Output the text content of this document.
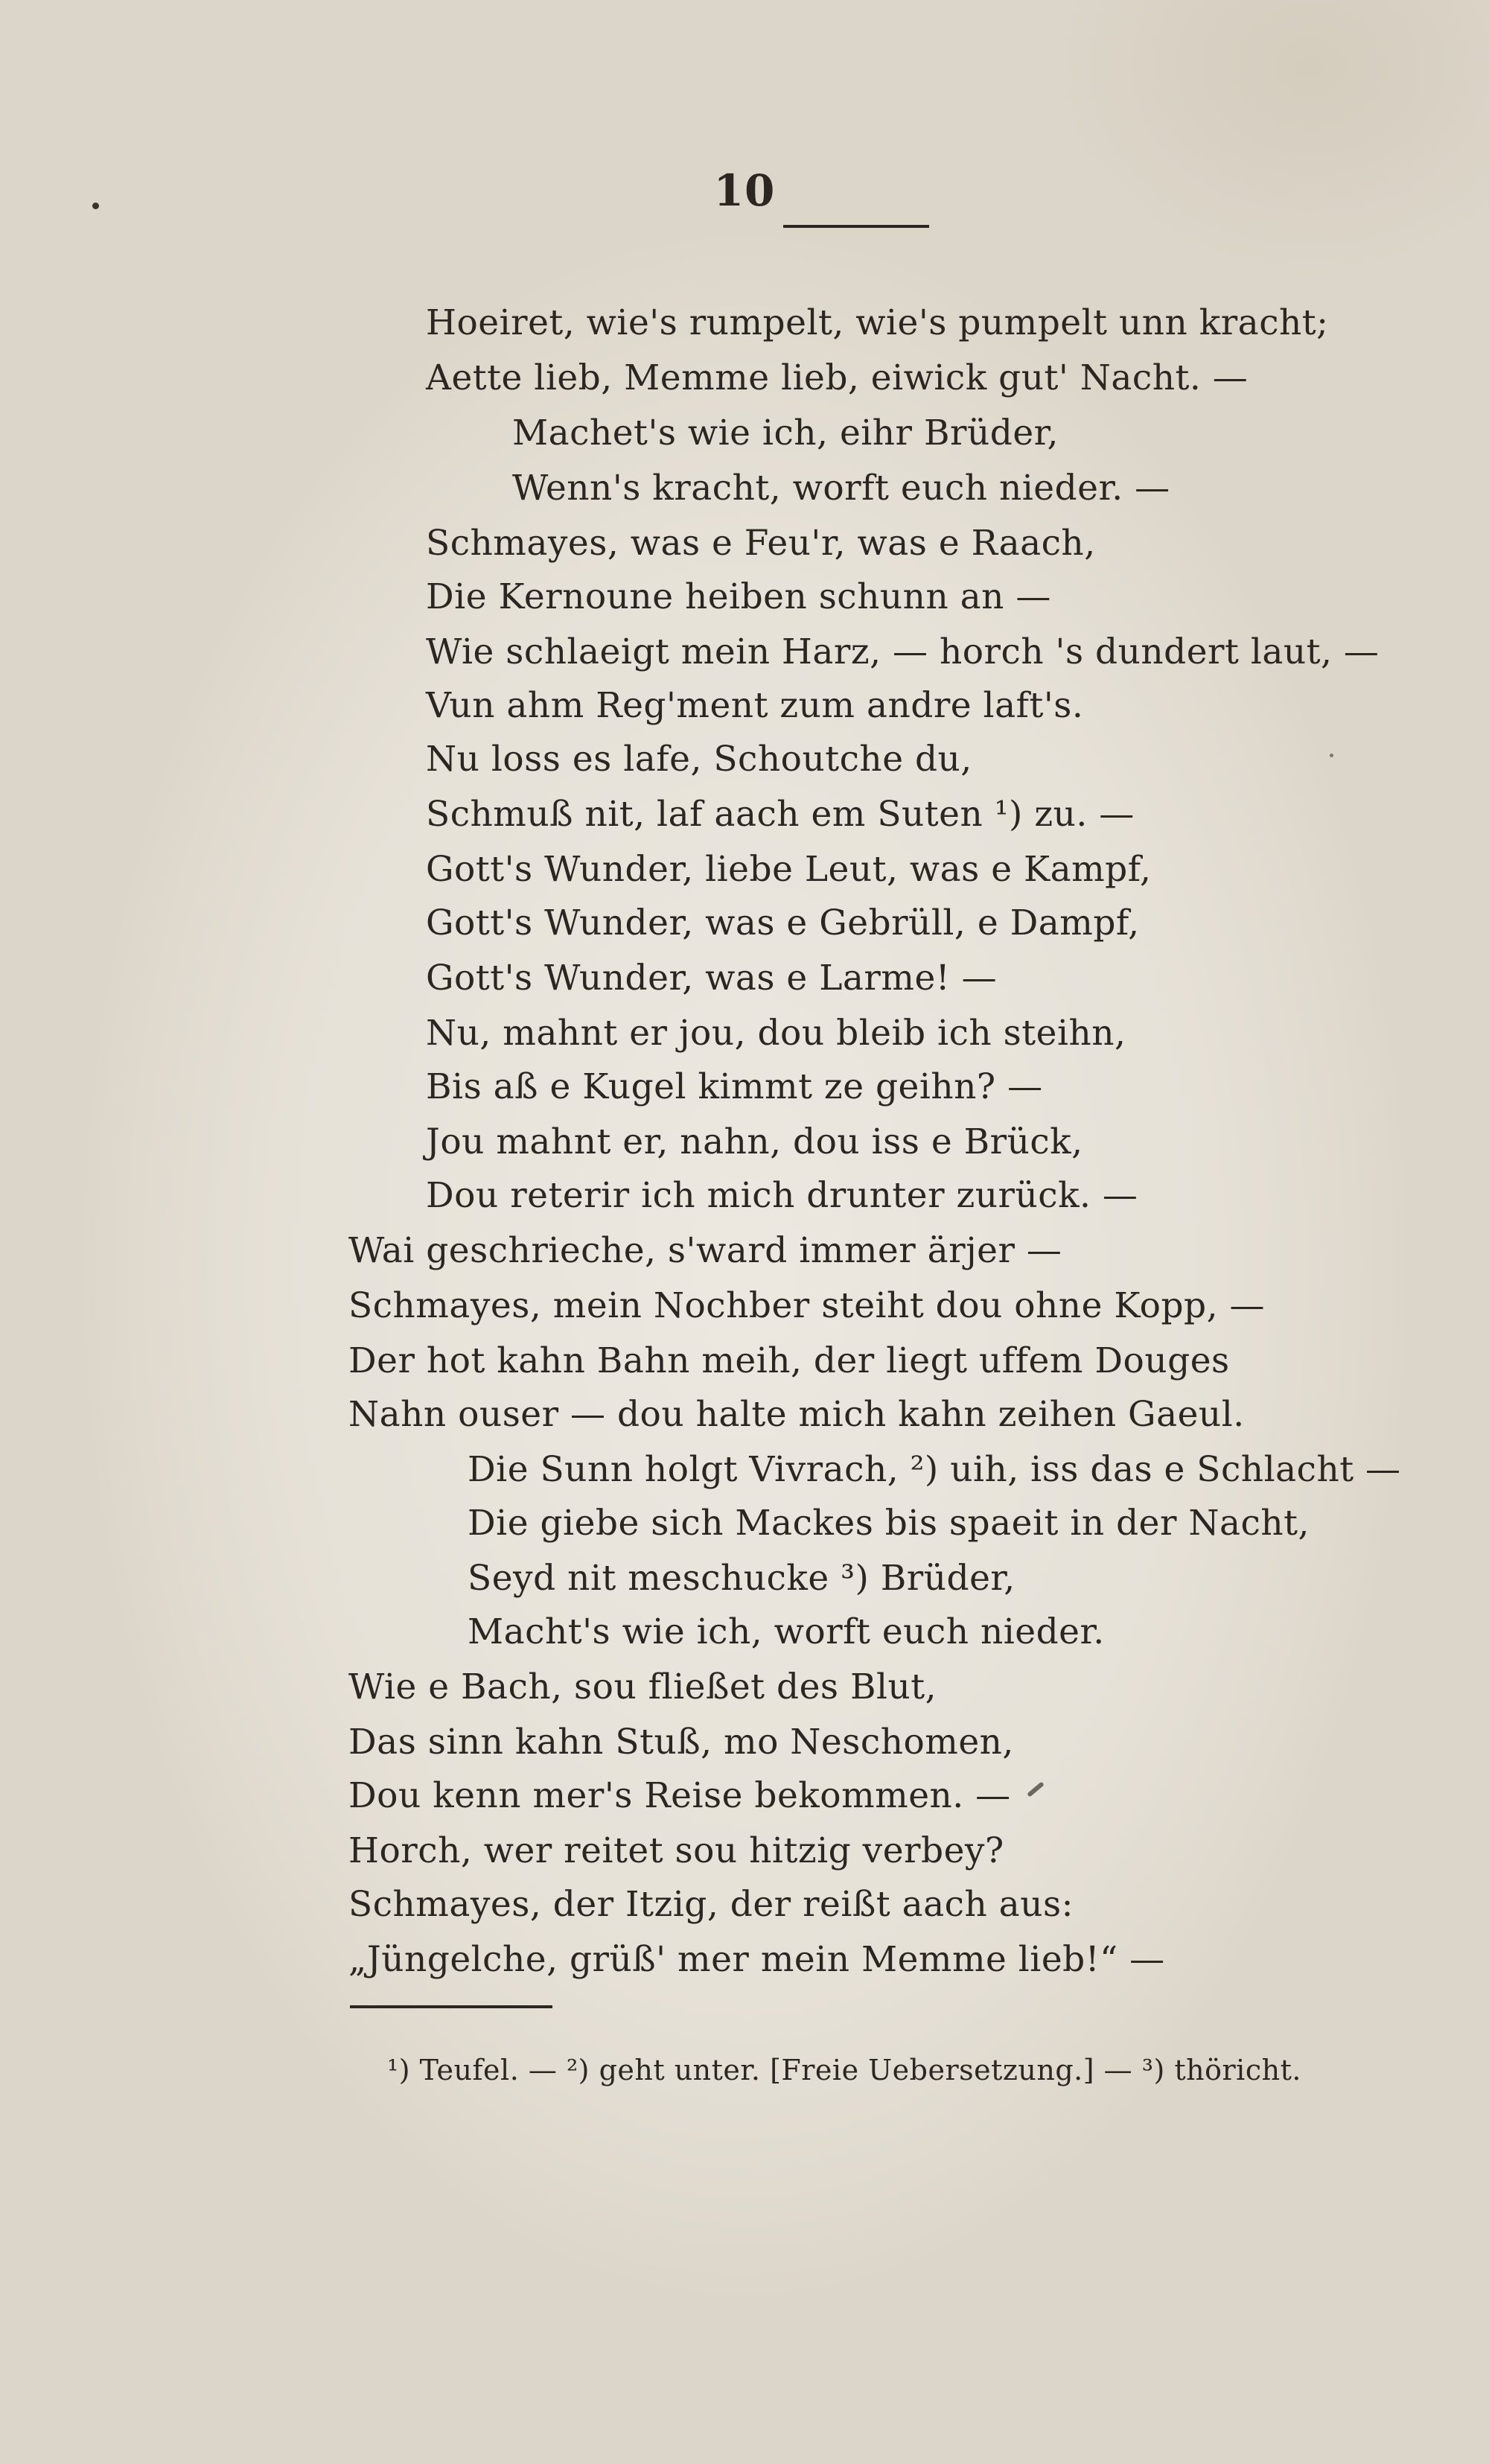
10
Hoeiret, wie's rumpelt, wie's pumpelt unn kracht;
Aette lieb, Memme lieb, eiwick gut' Nacht. —
Machet's wie ich, eihr Brüder,
Wenn's kracht, worft euch nieder. —
Schmayes, was e Feu'r, was e Raach,
Die Kernoune heiben schunn an —
Wie schlaeigt mein Harz, — horch 's dundert laut, —
Vun ahm Reg'ment zum andre laft's.
Nu loss es lafe, Schoutche du,
Schmuß nit, laf aach em Suten ¹) zu. —
Gott's Wunder, liebe Leut, was e Kampf,
Gott's Wunder, was e Gebrüll, e Dampf,
Gott's Wunder, was e Larme! —
Nu, mahnt er jou, dou bleib ich steihn,
Bis aß e Kugel kimmt ze geihn? —
Jou mahnt er, nahn, dou iss e Brück,
Dou reterir ich mich drunter zurück. —
Wai geschrieche, s'ward immer ärjer —
Schmayes, mein Nochber steiht dou ohne Kopp, —
Der hot kahn Bahn meih, der liegt uffem Douges
Nahn ouser — dou halte mich kahn zeihen Gaeul.
Die Sunn holgt Vivrach, ²) uih, iss das e Schlacht —
Die giebe sich Mackes bis spaeit in der Nacht,
Seyd nit meschucke ³) Brüder,
Macht's wie ich, worft euch nieder.
Wie e Bach, sou fließet des Blut,
Das sinn kahn Stuß, mo Neschomen,
Dou kenn mer's Reise bekommen. —
Horch, wer reitet sou hitzig verbey?
Schmayes, der Itzig, der reißt aach aus:
„Jüngelche, grüß' mer mein Memme lieb!“ —
¹) Teufel. — ²) geht unter. [Freie Uebersetzung.] — ³) thöricht.
